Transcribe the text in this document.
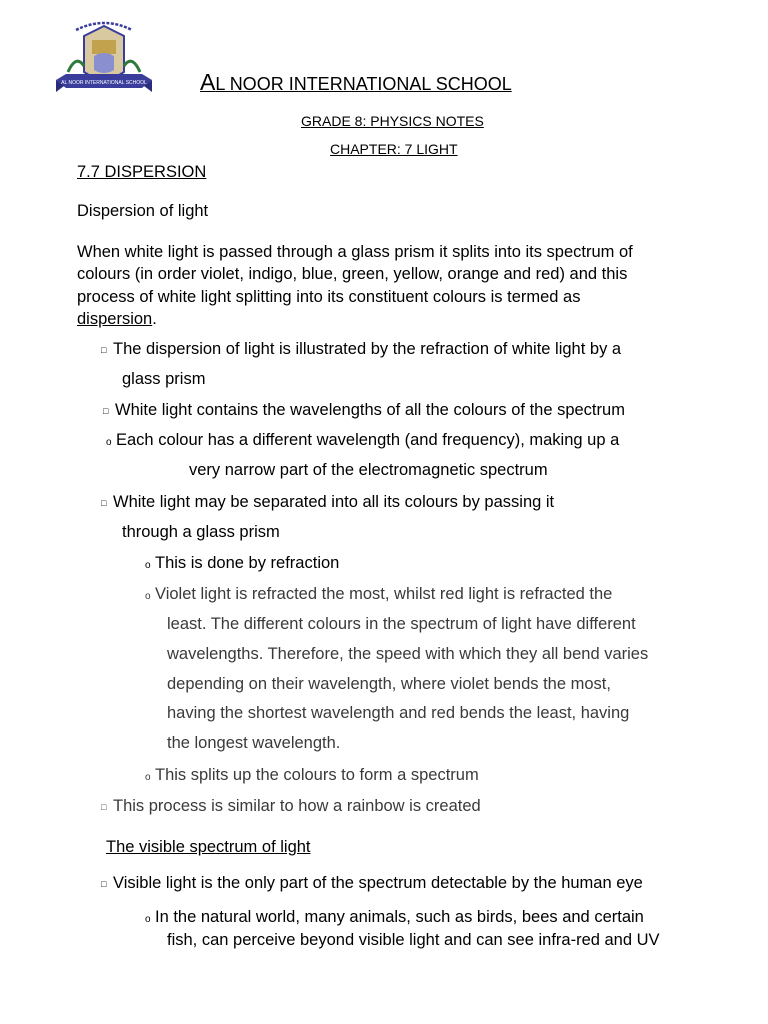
AL NOOR INTERNATIONAL SCHOOL AL NOOR INTERNATIONAL SCHOOL
GRADE 8: PHYSICS NOTES
CHAPTER: 7 LIGHT
7.7 DISPERSION
Dispersion of light
When white light is passed through a glass prism it splits into its spectrum of
colours (in order violet, indigo, blue, green, yellow, orange and red) and this
process of white light splitting into its constituent colours is termed as
dispersion.
□ The dispersion of light is illustrated by the refraction of white light by a
glass prism
□ White light contains the wavelengths of all the colours of the spectrum
o Each colour has a different wavelength (and frequency), making up a
very narrow part of the electromagnetic spectrum
□ White light may be separated into all its colours by passing it
through a glass prism
o This is done by refraction
o Violet light is refracted the most, whilst red light is refracted the
least. The different colours in the spectrum of light have different
wavelengths. Therefore, the speed with which they all bend varies
depending on their wavelength, where violet bends the most,
having the shortest wavelength and red bends the least, having
the longest wavelength.
o This splits up the colours to form a spectrum
□ This process is similar to how a rainbow is created
The visible spectrum of light
□ Visible light is the only part of the spectrum detectable by the human eye
o In the natural world, many animals, such as birds, bees and certain
fish, can perceive beyond visible light and can see infra-red and UV
